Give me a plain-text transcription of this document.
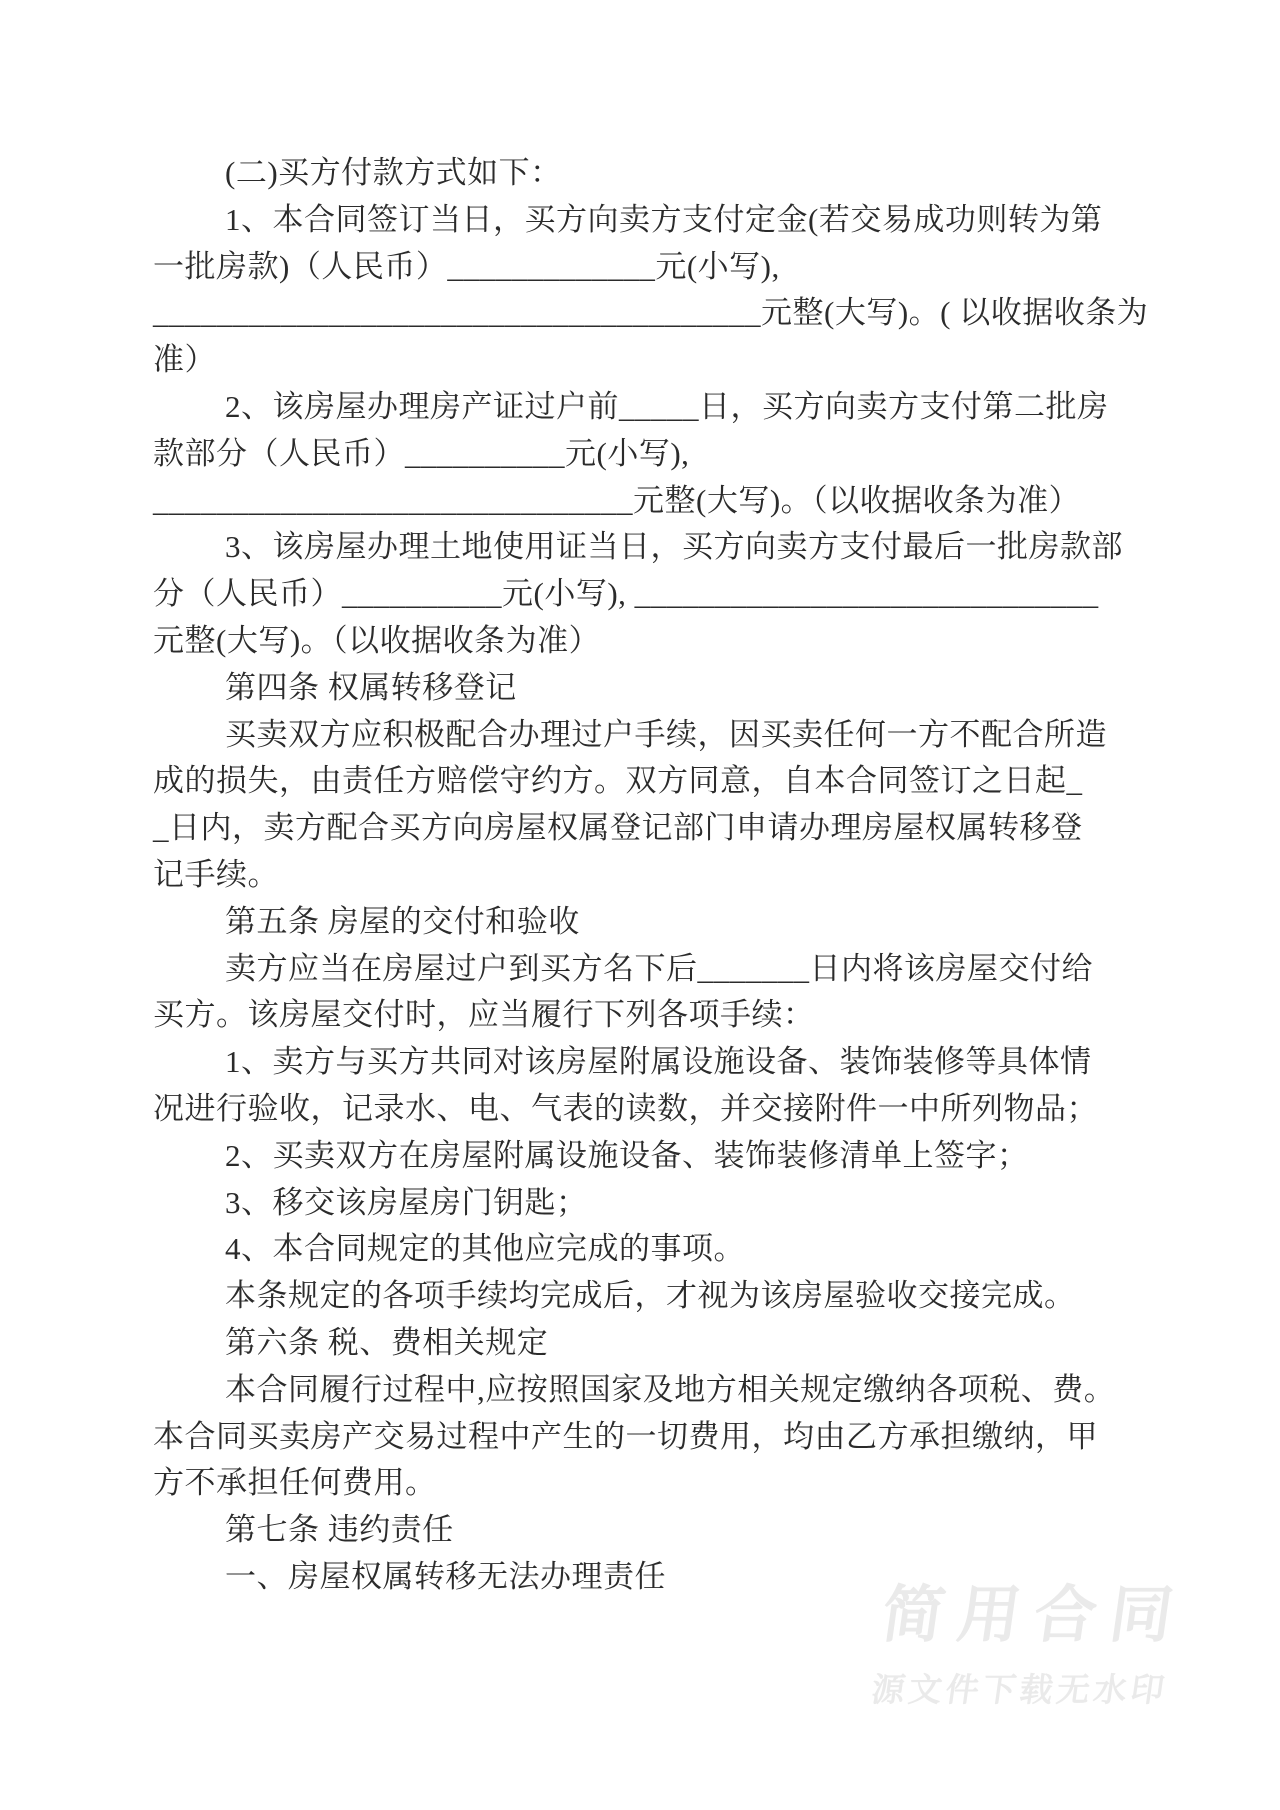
(二)买方付款方式如下：

1、本合同签订当日，买方向卖方支付定金(若交易成功则转为第

一批房款)（人民币）_____________元(小写),

______________________________________元整(大写)。( 以收据收条为

准）

2、该房屋办理房产证过户前_____日，买方向卖方支付第二批房

款部分（人民币）__________元(小写),

______________________________元整(大写)。（以收据收条为准）

3、该房屋办理土地使用证当日，买方向卖方支付最后一批房款部

分（人民币）__________元(小写), _____________________________

元整(大写)。（以收据收条为准）

第四条 权属转移登记

买卖双方应积极配合办理过户手续，因买卖任何一方不配合所造

成的损失，由责任方赔偿守约方。双方同意，自本合同签订之日起_

_日内，卖方配合买方向房屋权属登记部门申请办理房屋权属转移登

记手续。

第五条 房屋的交付和验收

卖方应当在房屋过户到买方名下后_______日内将该房屋交付给

买方。该房屋交付时，应当履行下列各项手续：

1、卖方与买方共同对该房屋附属设施设备、装饰装修等具体情

况进行验收，记录水、电、气表的读数，并交接附件一中所列物品；

2、买卖双方在房屋附属设施设备、装饰装修清单上签字；

3、移交该房屋房门钥匙；

4、本合同规定的其他应完成的事项。

本条规定的各项手续均完成后，才视为该房屋验收交接完成。

第六条 税、费相关规定

本合同履行过程中,应按照国家及地方相关规定缴纳各项税、费。

本合同买卖房产交易过程中产生的一切费用，均由乙方承担缴纳，甲

方不承担任何费用。

第七条 违约责任

一、房屋权属转移无法办理责任

简用合同
源文件下载无水印
